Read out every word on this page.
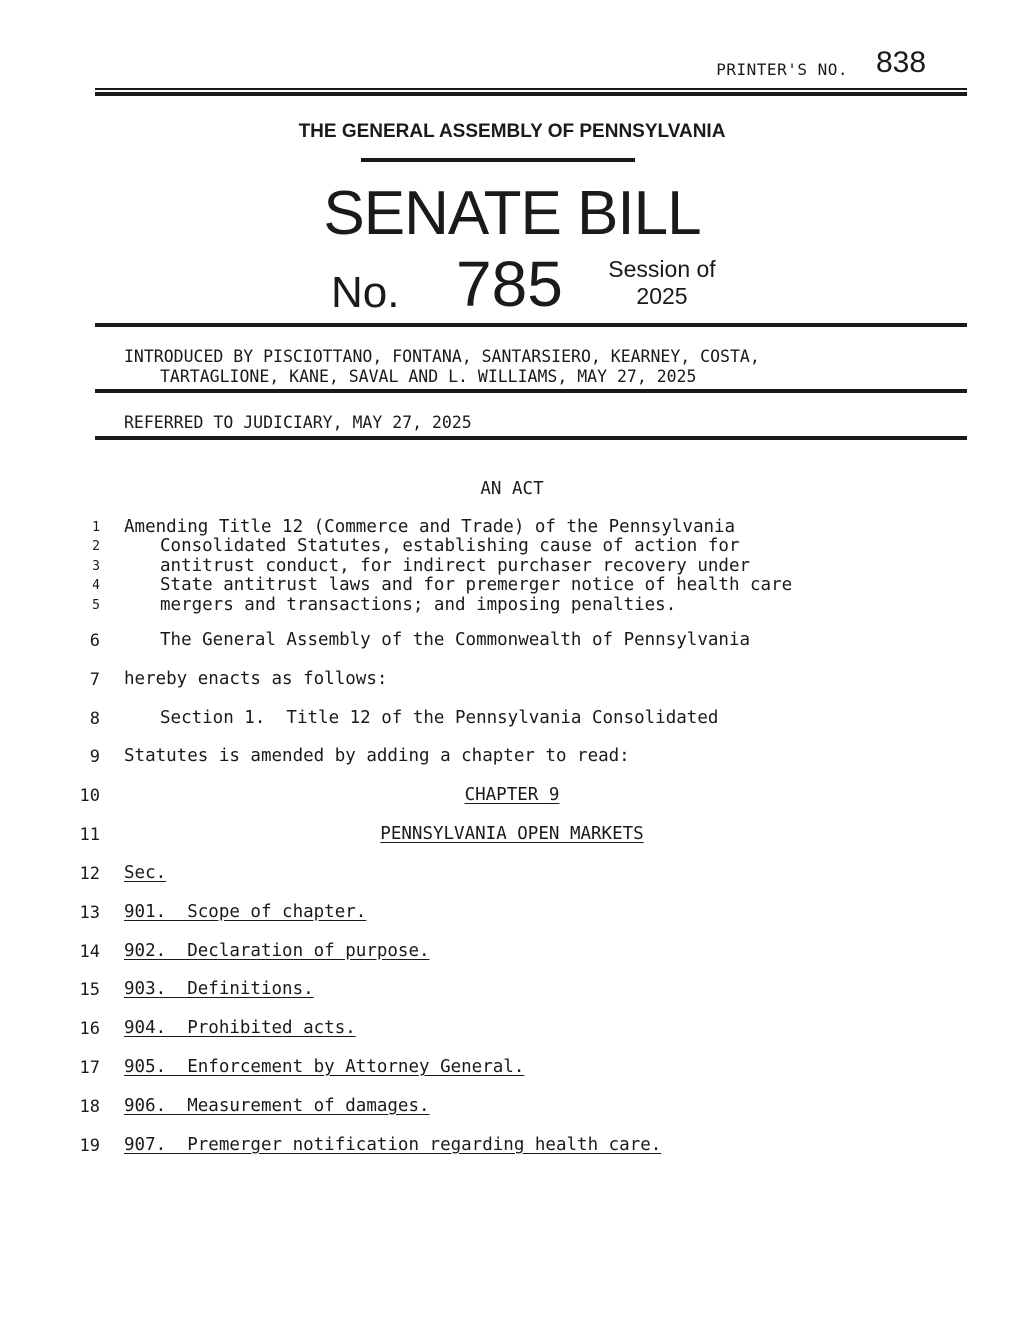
PRINTER'S NO. 838
THE GENERAL ASSEMBLY OF PENNSYLVANIA
SENATE BILL
No. 785	Session of
2025
INTRODUCED BY PISCIOTTANO, FONTANA, SANTARSIERO, KEARNEY, COSTA,
TARTAGLIONE, KANE, SAVAL AND L. WILLIAMS, MAY 27, 2025
REFERRED TO JUDICIARY, MAY 27, 2025
AN ACT
1 Amending Title 12 (Commerce and Trade) of the Pennsylvania
2	Consolidated Statutes, establishing cause of action for
3	antitrust conduct, for indirect purchaser recovery under
4	State antitrust laws and for premerger notice of health care
5	mergers and transactions; and imposing penalties.
6	The General Assembly of the Commonwealth of Pennsylvania
7 hereby enacts as follows:
8	Section 1.  Title 12 of the Pennsylvania Consolidated
9 Statutes is amended by adding a chapter to read:
10	CHAPTER 9
11	PENNSYLVANIA OPEN MARKETS
12 Sec.
13 901.  Scope of chapter.
14 902.  Declaration of purpose.
15 903.  Definitions.
16 904.  Prohibited acts.
17 905.  Enforcement by Attorney General.
18 906.  Measurement of damages.
19 907.  Premerger notification regarding health care.
